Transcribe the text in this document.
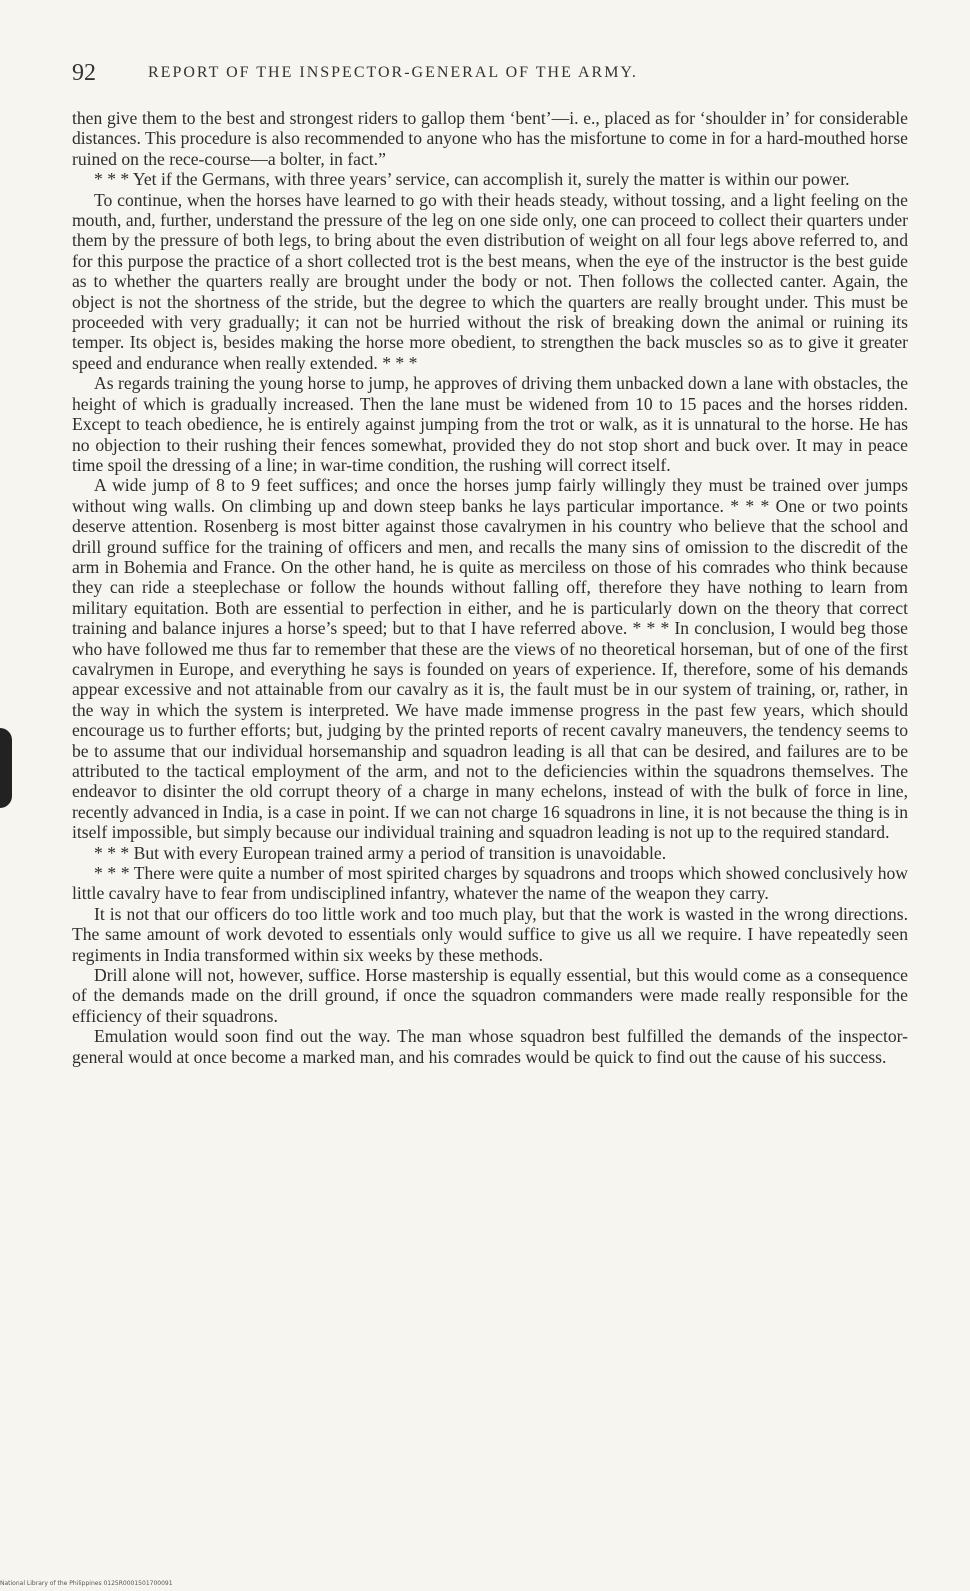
92	REPORT OF THE INSPECTOR-GENERAL OF THE ARMY.

then give them to the best and strongest riders to gallop them ‘bent’—i. e., placed as for ‘shoulder in’ for considerable distances. This procedure is also recommended to anyone who has the misfortune to come in for a hard-mouthed horse ruined on the rece-course—a bolter, in fact.”

* * * Yet if the Germans, with three years’ service, can accomplish it, surely the matter is within our power.

To continue, when the horses have learned to go with their heads steady, without tossing, and a light feeling on the mouth, and, further, understand the pressure of the leg on one side only, one can proceed to collect their quarters under them by the pressure of both legs, to bring about the even distribution of weight on all four legs above referred to, and for this purpose the practice of a short collected trot is the best means, when the eye of the instructor is the best guide as to whether the quarters really are brought under the body or not. Then follows the collected canter. Again, the object is not the shortness of the stride, but the degree to which the quarters are really brought under. This must be proceeded with very gradually; it can not be hurried without the risk of breaking down the animal or ruining its temper. Its object is, besides making the horse more obedient, to strengthen the back muscles so as to give it greater speed and endurance when really extended. * * *

As regards training the young horse to jump, he approves of driving them unbacked down a lane with obstacles, the height of which is gradually increased. Then the lane must be widened from 10 to 15 paces and the horses ridden. Except to teach obedience, he is entirely against jumping from the trot or walk, as it is unnatural to the horse. He has no objection to their rushing their fences somewhat, provided they do not stop short and buck over. It may in peace time spoil the dressing of a line; in war-time condition, the rushing will correct itself.

A wide jump of 8 to 9 feet suffices; and once the horses jump fairly willingly they must be trained over jumps without wing walls. On climbing up and down steep banks he lays particular importance. * * * One or two points deserve attention. Rosenberg is most bitter against those cavalrymen in his country who believe that the school and drill ground suffice for the training of officers and men, and recalls the many sins of omission to the discredit of the arm in Bohemia and France. On the other hand, he is quite as merciless on those of his comrades who think because they can ride a steeplechase or follow the hounds without falling off, therefore they have nothing to learn from military equitation. Both are essential to perfection in either, and he is particularly down on the theory that correct training and balance injures a horse’s speed; but to that I have referred above. * * * In conclusion, I would beg those who have followed me thus far to remember that these are the views of no theoretical horseman, but of one of the first cavalrymen in Europe, and everything he says is founded on years of experience. If, therefore, some of his demands appear excessive and not attainable from our cavalry as it is, the fault must be in our system of training, or, rather, in the way in which the system is interpreted. We have made immense progress in the past few years, which should encourage us to further efforts; but, judging by the printed reports of recent cavalry maneuvers, the tendency seems to be to assume that our individual horsemanship and squadron leading is all that can be desired, and failures are to be attributed to the tactical employment of the arm, and not to the deficiencies within the squadrons themselves. The endeavor to disinter the old corrupt theory of a charge in many echelons, instead of with the bulk of force in line, recently advanced in India, is a case in point. If we can not charge 16 squadrons in line, it is not because the thing is in itself impossible, but simply because our individual training and squadron leading is not up to the required standard.

* * * But with every European trained army a period of transition is unavoidable.

* * * There were quite a number of most spirited charges by squadrons and troops which showed conclusively how little cavalry have to fear from undisciplined infantry, whatever the name of the weapon they carry.

It is not that our officers do too little work and too much play, but that the work is wasted in the wrong directions. The same amount of work devoted to essentials only would suffice to give us all we require. I have repeatedly seen regiments in India transformed within six weeks by these methods.

Drill alone will not, however, suffice. Horse mastership is equally essential, but this would come as a consequence of the demands made on the drill ground, if once the squadron commanders were made really responsible for the efficiency of their squadrons.

Emulation would soon find out the way. The man whose squadron best fulfilled the demands of the inspector-general would at once become a marked man, and his comrades would be quick to find out the cause of his success.

National Library of the Philippines 0125R0001501700091
